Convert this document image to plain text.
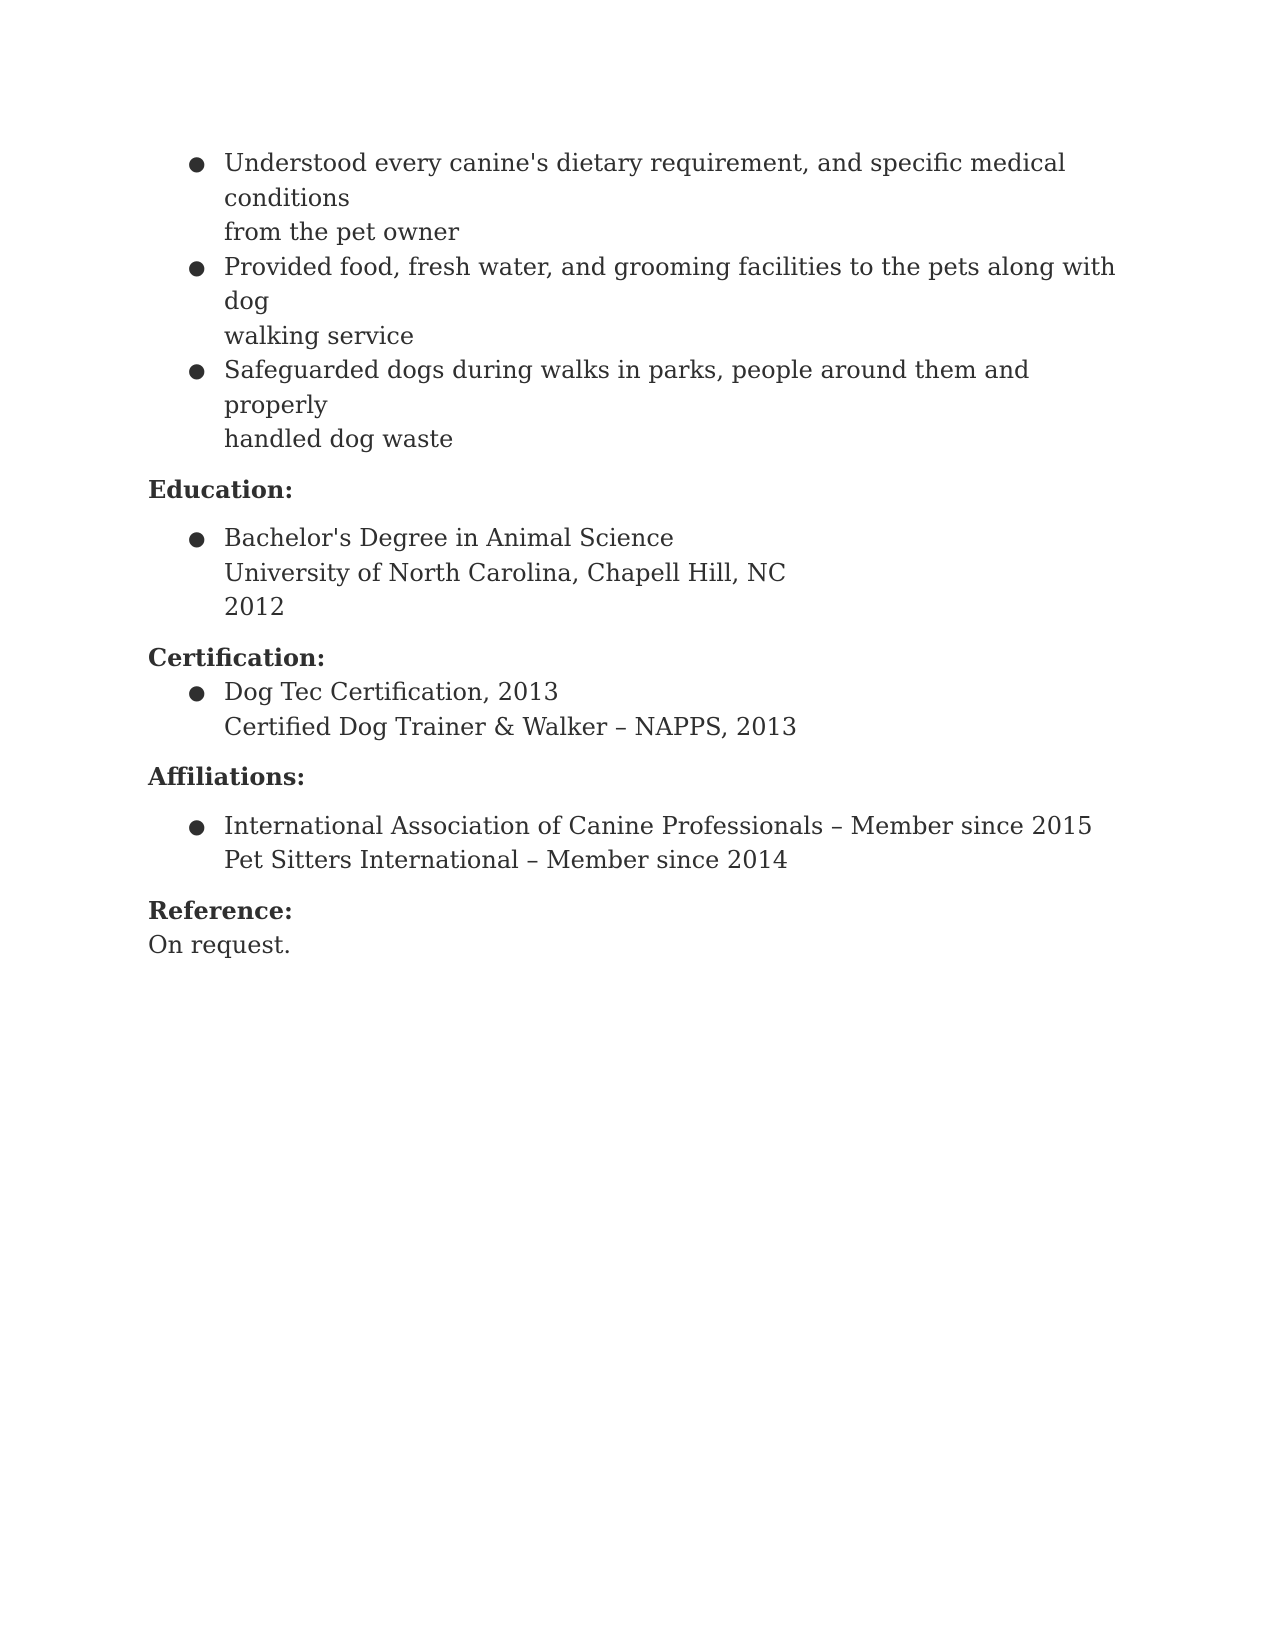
● Understood every canine's dietary requirement, and specific medical conditions
from the pet owner
● Provided food, fresh water, and grooming facilities to the pets along with dog
walking service
● Safeguarded dogs during walks in parks, people around them and properly
handled dog waste
Education:
● Bachelor's Degree in Animal Science
University of North Carolina, Chapell Hill, NC
2012
Certification:
● Dog Tec Certification, 2013
Certified Dog Trainer & Walker – NAPPS, 2013
Affiliations:
● International Association of Canine Professionals – Member since 2015
Pet Sitters International – Member since 2014
Reference:

On request.
